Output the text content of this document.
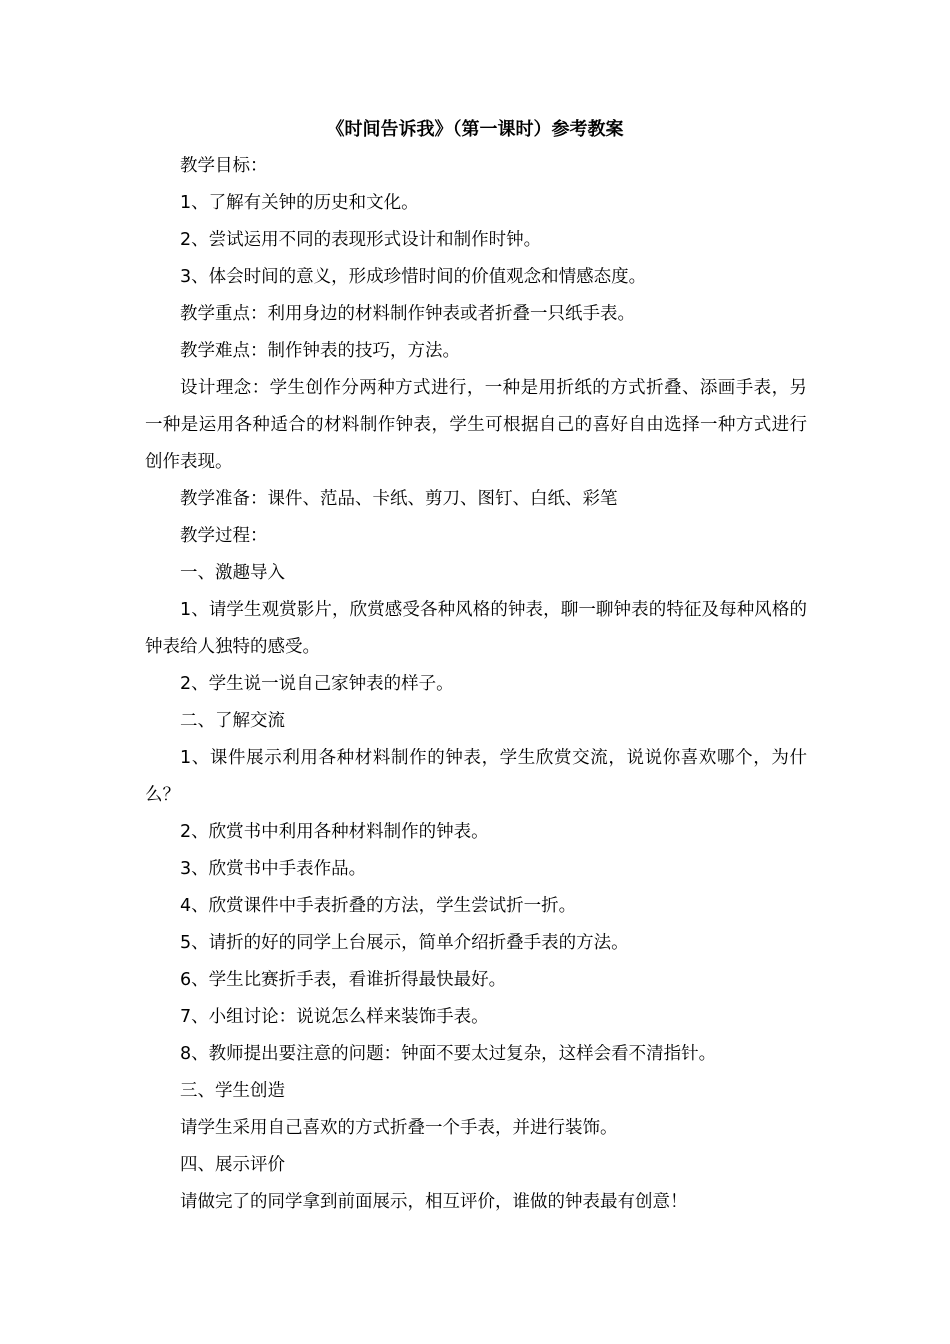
《时间告诉我》（第一课时）参考教案

教学目标：

1、了解有关钟的历史和文化。

2、尝试运用不同的表现形式设计和制作时钟。

3、体会时间的意义，形成珍惜时间的价值观念和情感态度。

教学重点：利用身边的材料制作钟表或者折叠一只纸手表。

教学难点：制作钟表的技巧，方法。

设计理念：学生创作分两种方式进行，一种是用折纸的方式折叠、添画手表，另一种是运用各种适合的材料制作钟表，学生可根据自己的喜好自由选择一种方式进行创作表现。

教学准备：课件、范品、卡纸、剪刀、图钉、白纸、彩笔

教学过程：

一、激趣导入

1、请学生观赏影片，欣赏感受各种风格的钟表，聊一聊钟表的特征及每种风格的钟表给人独特的感受。

2、学生说一说自己家钟表的样子。

二、了解交流

1、课件展示利用各种材料制作的钟表，学生欣赏交流，说说你喜欢哪个，为什么？

2、欣赏书中利用各种材料制作的钟表。

3、欣赏书中手表作品。

4、欣赏课件中手表折叠的方法，学生尝试折一折。

5、请折的好的同学上台展示，简单介绍折叠手表的方法。

6、学生比赛折手表，看谁折得最快最好。

7、小组讨论：说说怎么样来装饰手表。

8、教师提出要注意的问题：钟面不要太过复杂，这样会看不清指针。

三、学生创造

请学生采用自己喜欢的方式折叠一个手表，并进行装饰。

四、展示评价

请做完了的同学拿到前面展示，相互评价，谁做的钟表最有创意！
